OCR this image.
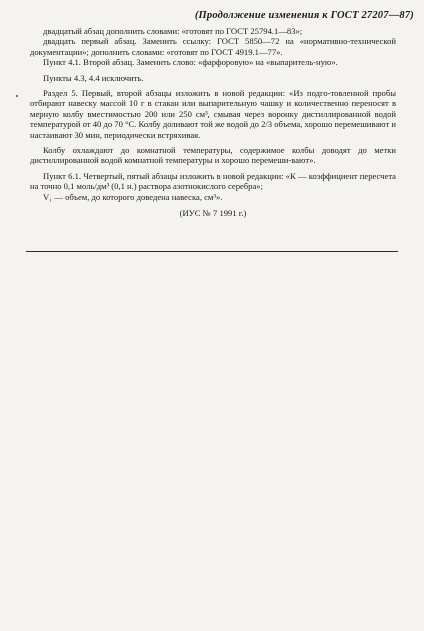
(Продолжение изменения к ГОСТ 27207—87)

двадцатый абзац дополнить словами: «готовят по ГОСТ 25794.1—83»;

двадцать первый абзац. Заменить ссылку: ГОСТ 5850—72 на «нормативно-технической документации»; дополнить словами: «готовят по ГОСТ 4919.1—77».

Пункт 4.1. Второй абзац. Заменить слово: «фарфоровую» на «выпаритель-ную».

Пункты 4.3, 4.4 исключить.

Раздел 5. Первый, второй абзацы изложить в новой редакции: «Из подго-товленной пробы отбирают навеску массой 10 г в стакан или выпарительную чашку и количественно переносят в мерную колбу вместимостью 200 или 250 см³, смывая через воронку дистиллированной водой температурой от 40 до 70 °C. Колбу доливают той же водой до 2/3 объема, хорошо перемешивают и настаивают 30 мин, периодически встряхивая.

Колбу охлаждают до комнатной температуры, содержимое колбы доводят до метки дистиллированной водой комнатной температуры и хорошо перемеши-вают».

Пункт 6.1. Четвертый, пятый абзацы изложить в новой редакции: «К — коэффициент пересчета на точно 0,1 моль/дм³ (0,1 н.) раствора азотнокислого серебра»;

V₁ — объем, до которого доведена навеска, см³».

(ИУС № 7 1991 г.)
